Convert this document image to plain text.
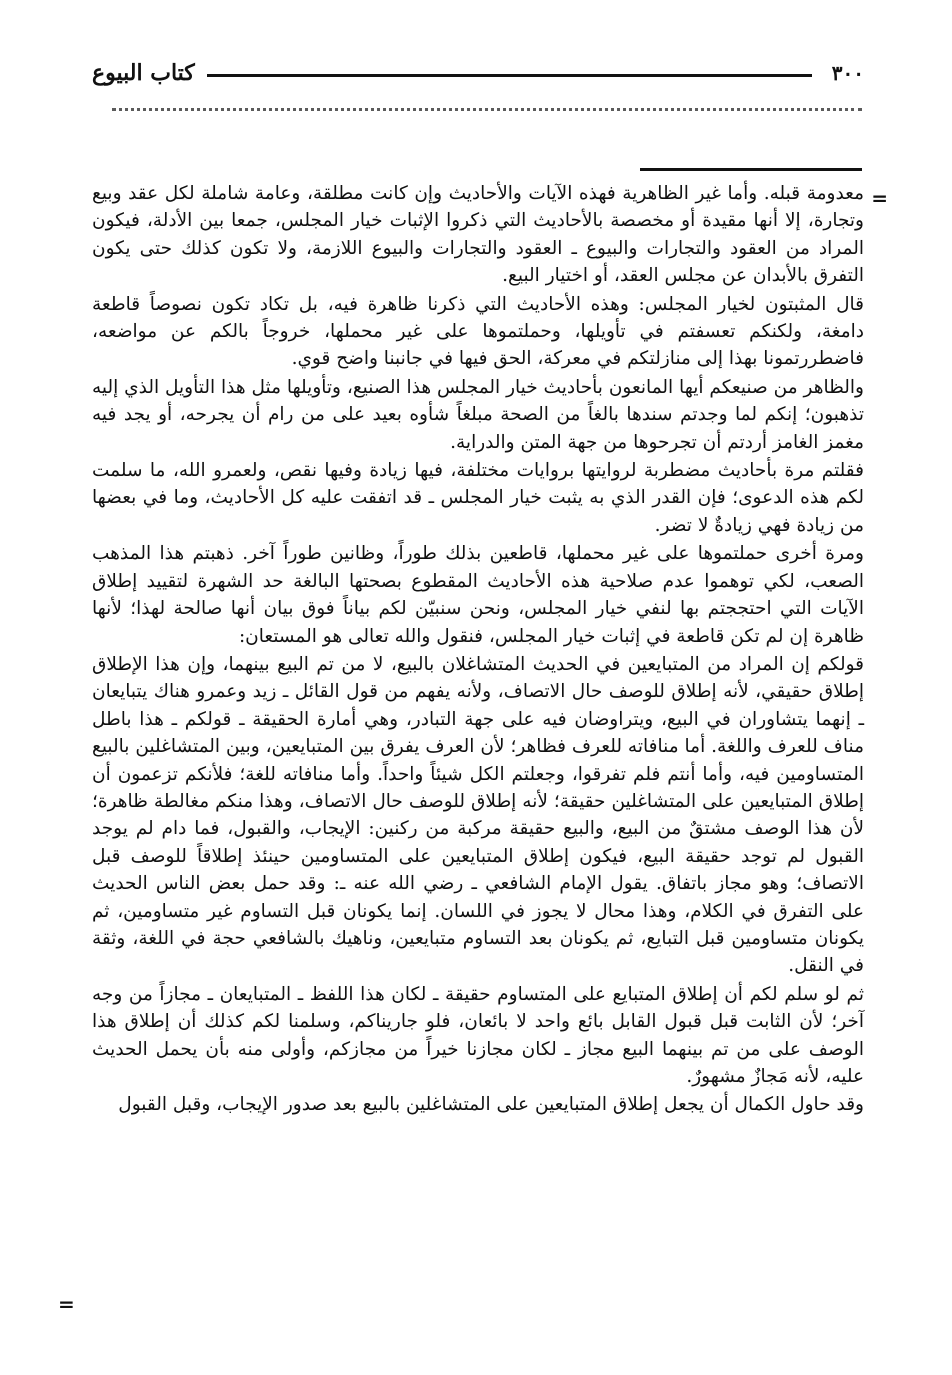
٣٠٠
كتاب البيوع
=

معدومة قبله. وأما غير الظاهرية فهذه الآيات والأحاديث وإن كانت مطلقة، وعامة شاملة لكل عقد وبيع وتجارة، إلا أنها مقيدة أو مخصصة بالأحاديث التي ذكروا الإثبات خيار المجلس، جمعا بين الأدلة، فيكون المراد من العقود والتجارات والبيوع ـ العقود والتجارات والبيوع اللازمة، ولا تكون كذلك حتى يكون التفرق بالأبدان عن مجلس العقد، أو اختيار البيع.

قال المثبتون لخيار المجلس: وهذه الأحاديث التي ذكرنا ظاهرة فيه، بل تكاد تكون نصوصاً قاطعة دامغة، ولكنكم تعسفتم في تأويلها، وحملتموها على غير محملها، خروجاً بالكم عن مواضعه، فاضطررتمونا بهذا إلى منازلتكم في معركة، الحق فيها في جانبنا واضح قوي.

والظاهر من صنيعكم أيها المانعون بأحاديث خيار المجلس هذا الصنيع، وتأويلها مثل هذا التأويل الذي إليه تذهبون؛ إنكم لما وجدتم سندها بالغاً من الصحة مبلغاً شأوه بعيد على من رام أن يجرحه، أو يجد فيه مغمز الغامز أردتم أن تجرحوها من جهة المتن والدراية.

فقلتم مرة بأحاديث مضطربة لروايتها بروايات مختلفة، فيها زيادة وفيها نقص، ولعمرو الله، ما سلمت لكم هذه الدعوى؛ فإن القدر الذي به يثبت خيار المجلس ـ قد اتفقت عليه كل الأحاديث، وما في بعضها من زيادة فهي زيادةٌ لا تضر.

ومرة أخرى حملتموها على غير محملها، قاطعين بذلك طوراً، وظانين طوراً آخر. ذهبتم هذا المذهب الصعب، لكي توهموا عدم صلاحية هذه الأحاديث المقطوع بصحتها البالغة حد الشهرة لتقييد إطلاق الآيات التي احتججتم بها لنفي خيار المجلس، ونحن سنبيّن لكم بياناً فوق بيان أنها صالحة لهذا؛ لأنها ظاهرة إن لم تكن قاطعة في إثبات خيار المجلس، فنقول والله تعالى هو المستعان:

قولكم إن المراد من المتبايعين في الحديث المتشاغلان بالبيع، لا من تم البيع بينهما، وإن هذا الإطلاق إطلاق حقيقي، لأنه إطلاق للوصف حال الاتصاف، ولأنه يفهم من قول القائل ـ زيد وعمرو هناك يتبايعان ـ إنهما يتشاوران في البيع، ويتراوضان فيه على جهة التبادر، وهي أمارة الحقيقة ـ قولكم ـ هذا باطل مناف للعرف واللغة. أما منافاته للعرف فظاهر؛ لأن العرف يفرق بين المتبايعين، وبين المتشاغلين بالبيع المتساومين فيه، وأما أنتم فلم تفرقوا، وجعلتم الكل شيئاً واحداً. وأما منافاته للغة؛ فلأنكم تزعمون أن إطلاق المتبايعين على المتشاغلين حقيقة؛ لأنه إطلاق للوصف حال الاتصاف، وهذا منكم مغالطة ظاهرة؛ لأن هذا الوصف مشتقٌ من البيع، والبيع حقيقة مركبة من ركنين: الإيجاب، والقبول، فما دام لم يوجد القبول لم توجد حقيقة البيع، فيكون إطلاق المتبايعين على المتساومين حينئذ إطلاقاً للوصف قبل الاتصاف؛ وهو مجاز باتفاق. يقول الإمام الشافعي ـ رضي الله عنه ـ: وقد حمل بعض الناس الحديث على التفرق في الكلام، وهذا محال لا يجوز في اللسان. إنما يكونان قبل التساوم غير متساومين، ثم يكونان متساومين قبل التبايع، ثم يكونان بعد التساوم متبايعين، وناهيك بالشافعي حجة في اللغة، وثقة في النقل.

ثم لو سلم لكم أن إطلاق المتبايع على المتساوم حقيقة ـ لكان هذا اللفظ ـ المتبايعان ـ مجازاً من وجه آخر؛ لأن الثابت قبل قبول القابل بائع واحد لا بائعان، فلو جاريناكم، وسلمنا لكم كذلك أن إطلاق هذا الوصف على من تم بينهما البيع مجاز ـ لكان مجازنا خيراً من مجازكم، وأولى منه بأن يحمل الحديث عليه، لأنه مَجازٌ مشهورٌ.

وقد حاول الكمال أن يجعل إطلاق المتبايعين على المتشاغلين بالبيع بعد صدور الإيجاب، وقبل القبول

=
